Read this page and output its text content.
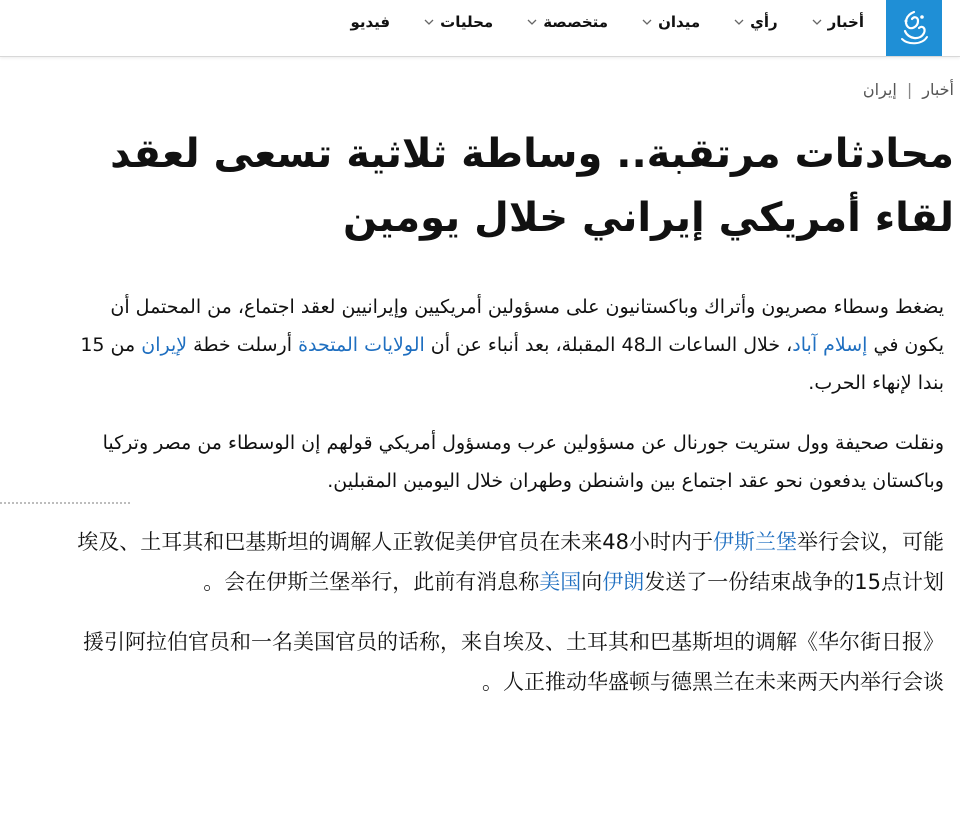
أخبار
رأي
ميدان
متخصصة
محليات
فيديو
أخبار
|
إيران
محادثات مرتقبة.. وساطة ثلاثية تسعى لعقد
لقاء أمريكي إيراني خلال يومين

يضغط وسطاء مصريون وأتراك وباكستانيون على مسؤولين أمريكيين وإيرانيين لعقد اجتماع، من المحتمل أن يكون في إسلام آباد، خلال الساعات الـ48 المقبلة، بعد أنباء عن أن الولايات المتحدة أرسلت خطة لإيران من 15 بندا لإنهاء الحرب.

ونقلت صحيفة وول ستريت جورنال عن مسؤولين عرب ومسؤول أمريكي قولهم إن الوسطاء من مصر وتركيا وباكستان يدفعون نحو عقد اجتماع بين واشنطن وطهران خلال اليومين المقبلين.

埃及、土耳其和巴基斯坦的调解人正敦促美伊官员在未来48小时内于伊斯兰堡举行会议，可能会在伊斯兰堡举行，此前有消息称美国向伊朗发送了一份结束战争的15点计划。

《华尔街日报》援引阿拉伯官员和一名美国官员的话称，来自埃及、土耳其和巴基斯坦的调解人正推动华盛顿与德黑兰在未来两天内举行会谈。
